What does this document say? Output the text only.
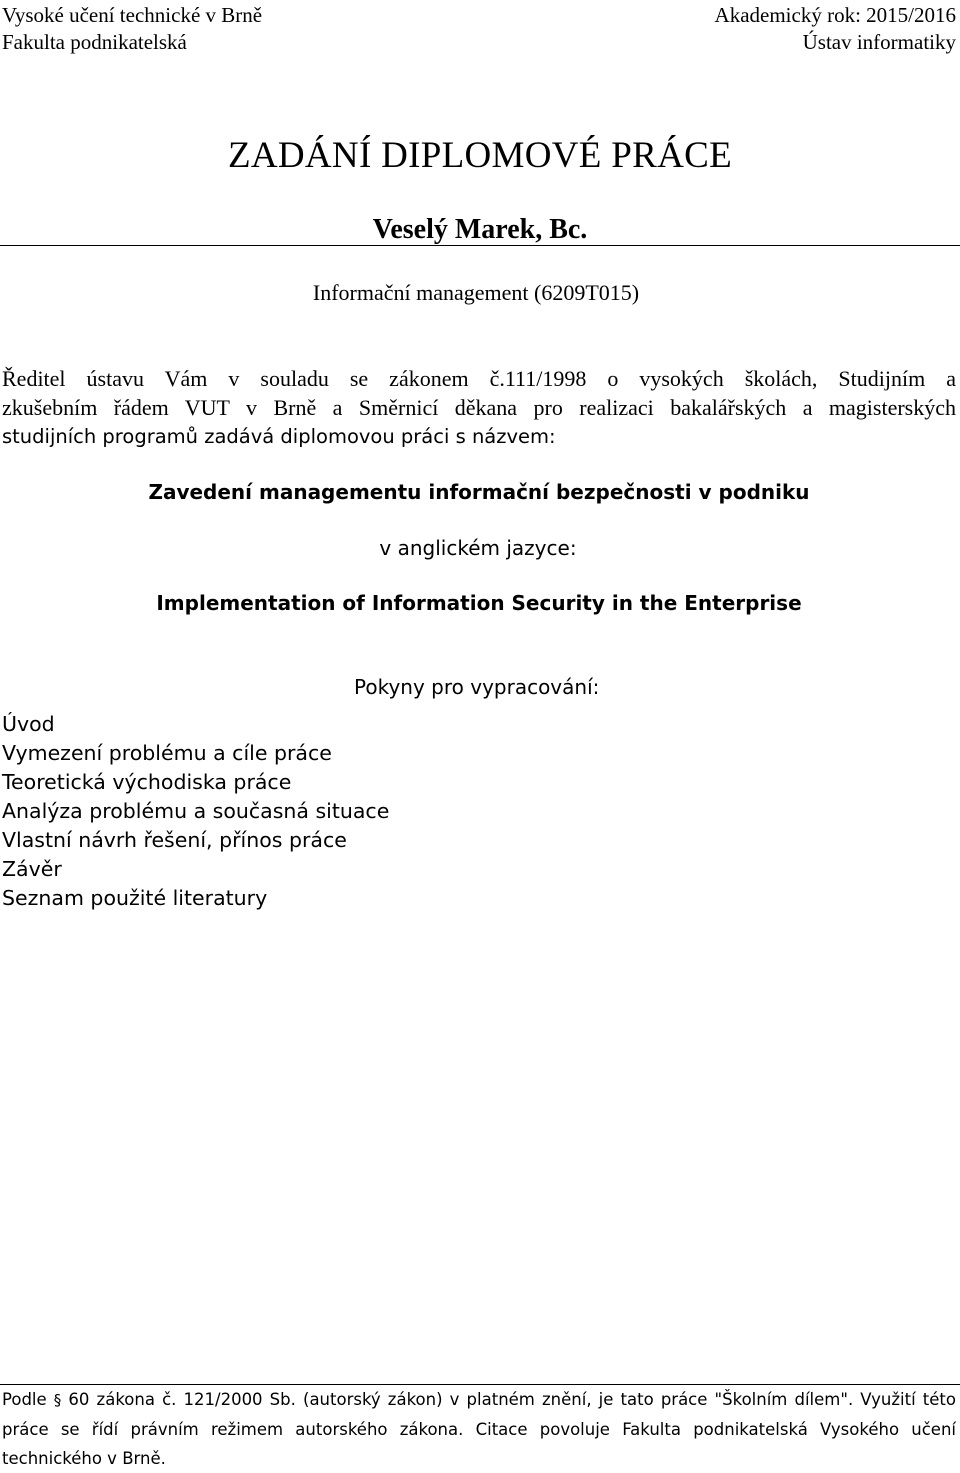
Vysoké učení technické v Brně
Fakulta podnikatelská
Akademický rok: 2015/2016
Ústav informatiky
ZADÁNÍ DIPLOMOVÉ PRÁCE
Veselý Marek, Bc.
Informační management (6209T015)
Ředitel ústavu Vám v souladu se zákonem č.111/1998 o vysokých školách, Studijním a
zkušebním řádem VUT v Brně a Směrnicí děkana pro realizaci bakalářských a magisterských
studijních programů zadává diplomovou práci s názvem:
Zavedení managementu informační bezpečnosti v podniku
v anglickém jazyce:
Implementation of Information Security in the Enterprise
Pokyny pro vypracování:
Úvod
Vymezení problému a cíle práce
Teoretická východiska práce
Analýza problému a současná situace
Vlastní návrh řešení, přínos práce
Závěr
Seznam použité literatury
Podle § 60 zákona č. 121/2000 Sb. (autorský zákon) v platném znění, je tato práce "Školním dílem". Využití této
práce se řídí právním režimem autorského zákona. Citace povoluje Fakulta podnikatelská Vysokého učení
technického v Brně.
